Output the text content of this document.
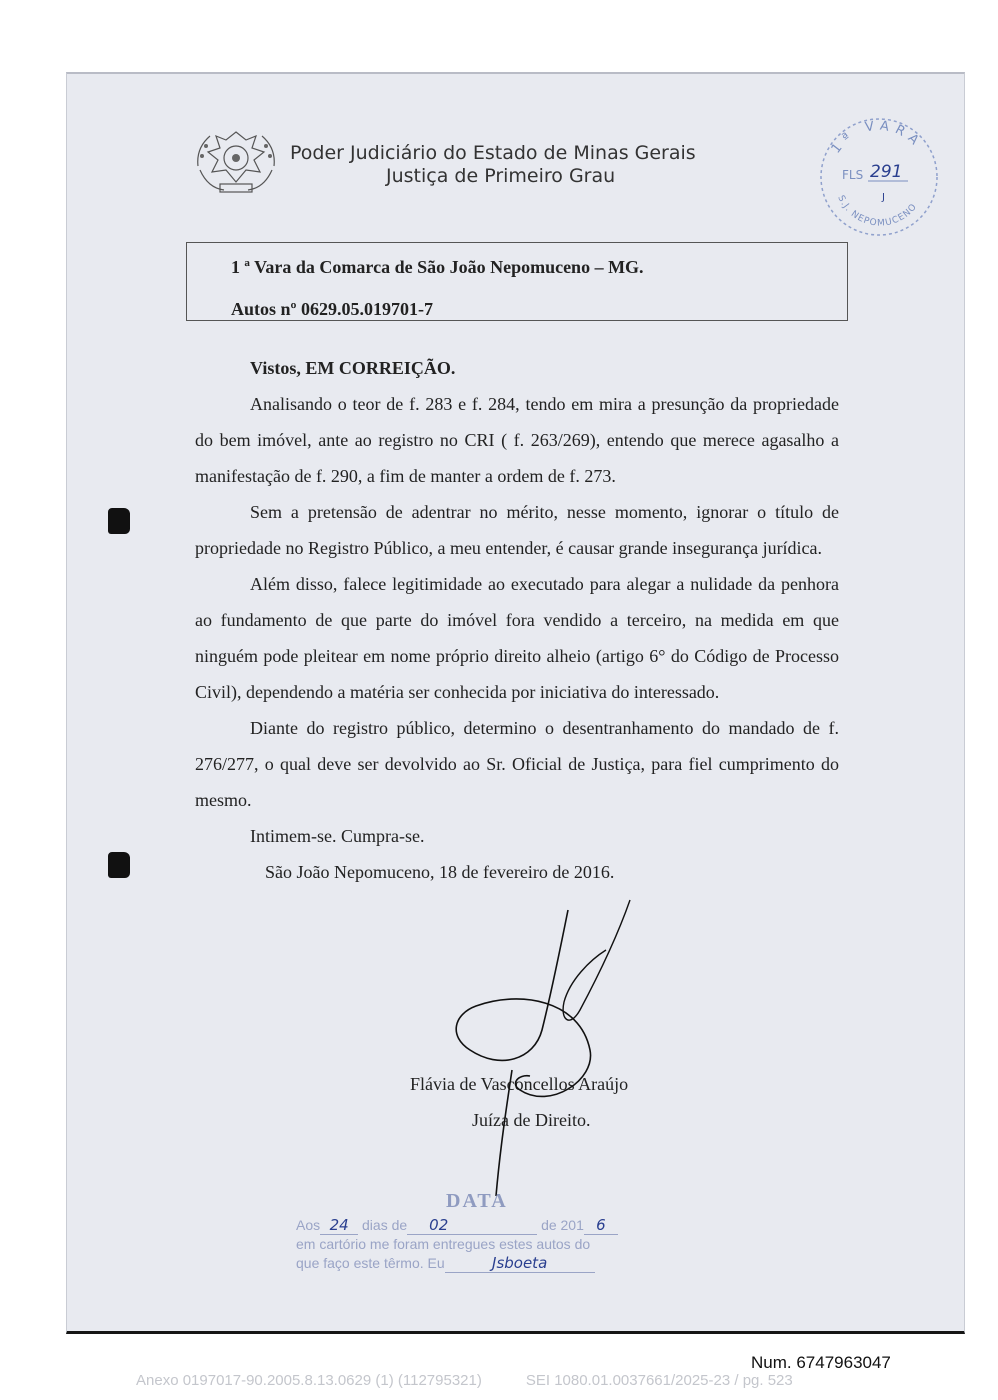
Poder Judiciário do Estado de Minas Gerais
Justiça de Primeiro Grau
1ª VARA
S.J. NEPOMUCENO
FLS 291
J
1 ª Vara da Comarca de São João Nepomuceno – MG.
Autos nº 0629.05.019701-7

Vistos, EM CORREIÇÃO.

Analisando o teor de f. 283 e f. 284, tendo em mira a presunção da propriedade do bem imóvel, ante ao registro no CRI ( f. 263/269), entendo que merece agasalho a manifestação de f. 290, a fim de manter a ordem de f. 273.

Sem a pretensão de adentrar no mérito, nesse momento, ignorar o título de propriedade no Registro Público, a meu entender, é causar grande insegurança jurídica.

Além disso, falece legitimidade ao executado para alegar a nulidade da penhora ao fundamento de que parte do imóvel fora vendido a terceiro, na medida em que ninguém pode pleitear em nome próprio direito alheio (artigo 6° do Código de Processo Civil), dependendo a matéria ser conhecida por iniciativa do interessado.

Diante do registro público, determino o desentranhamento do mandado de f. 276/277, o qual deve ser devolvido ao Sr. Oficial de Justiça, para fiel cumprimento do mesmo.

Intimem-se. Cumpra-se.

São João Nepomuceno, 18 de fevereiro de 2016.

Flávia de Vasconcellos Araújo
Juíza de Direito.
DATA
Aos 24 dias de 02	de 201 6
em cartório me foram entregues estes autos do
que faço este têrmo. Eu	Jsboeta
Num. 6747963047
Anexo 0197017-90.2005.8.13.0629 (1) (112795321)	SEI 1080.01.0037661/2025-23 / pg. 523
